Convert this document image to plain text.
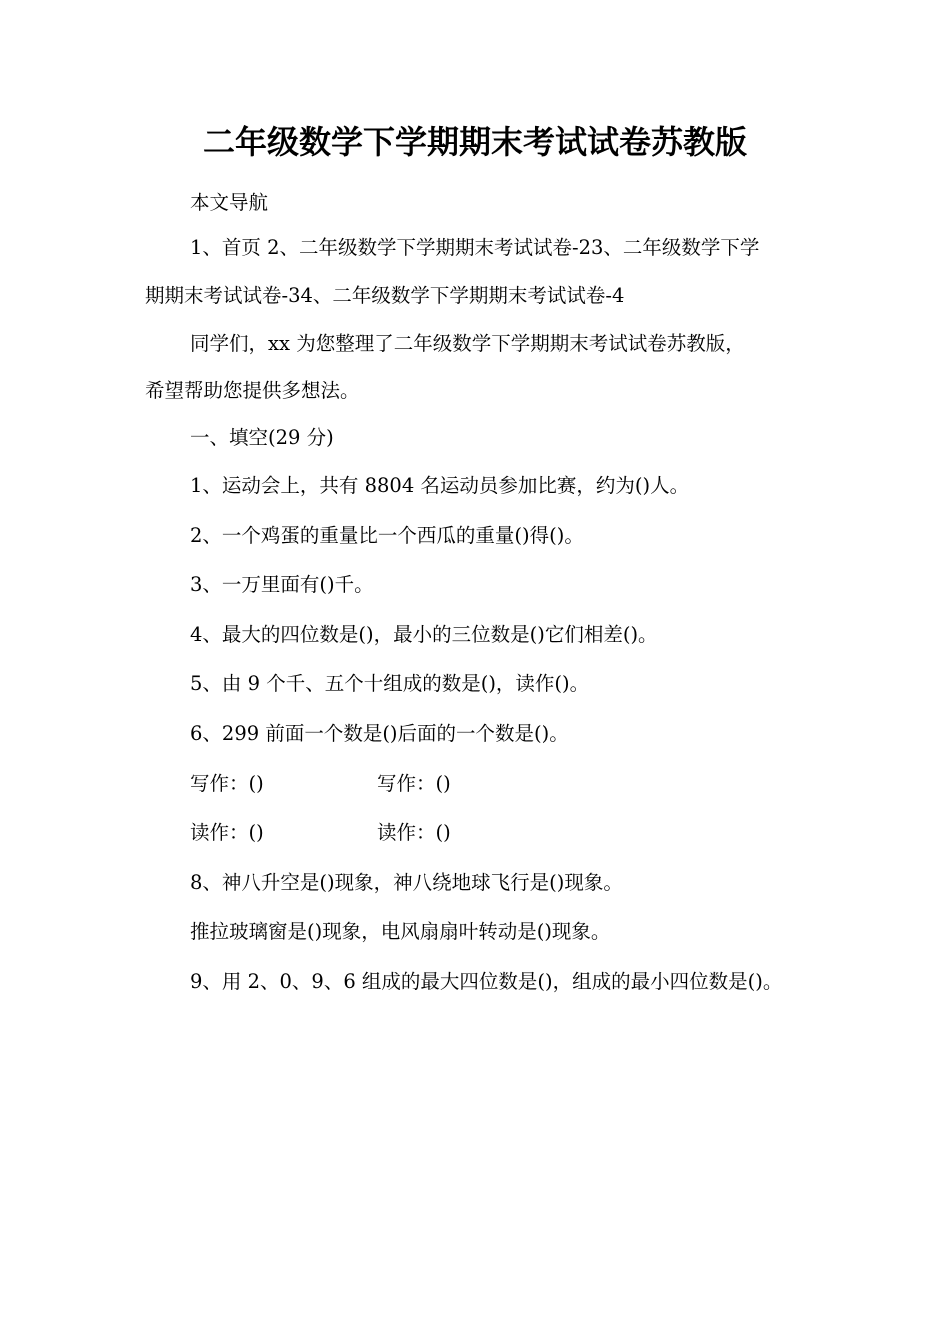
二年级数学下学期期末考试试卷苏教版
本文导航
1、首页 2、二年级数学下学期期末考试试卷-23、二年级数学下学
期期末考试试卷-34、二年级数学下学期期末考试试卷-4
同学们，xx 为您整理了二年级数学下学期期末考试试卷苏教版，
希望帮助您提供多想法。
一、填空(29 分)
1、运动会上，共有 8804 名运动员参加比赛，约为()人。
2、一个鸡蛋的重量比一个西瓜的重量()得()。
3、一万里面有()千。
4、最大的四位数是()，最小的三位数是()它们相差()。
5、由 9 个千、五个十组成的数是()，读作()。
6、299 前面一个数是()后面的一个数是()。
写作：()	写作：()
读作：()	读作：()
8、神八升空是()现象，神八绕地球飞行是()现象。
推拉玻璃窗是()现象，电风扇扇叶转动是()现象。
9、用 2、0、9、6 组成的最大四位数是()，组成的最小四位数是()。
